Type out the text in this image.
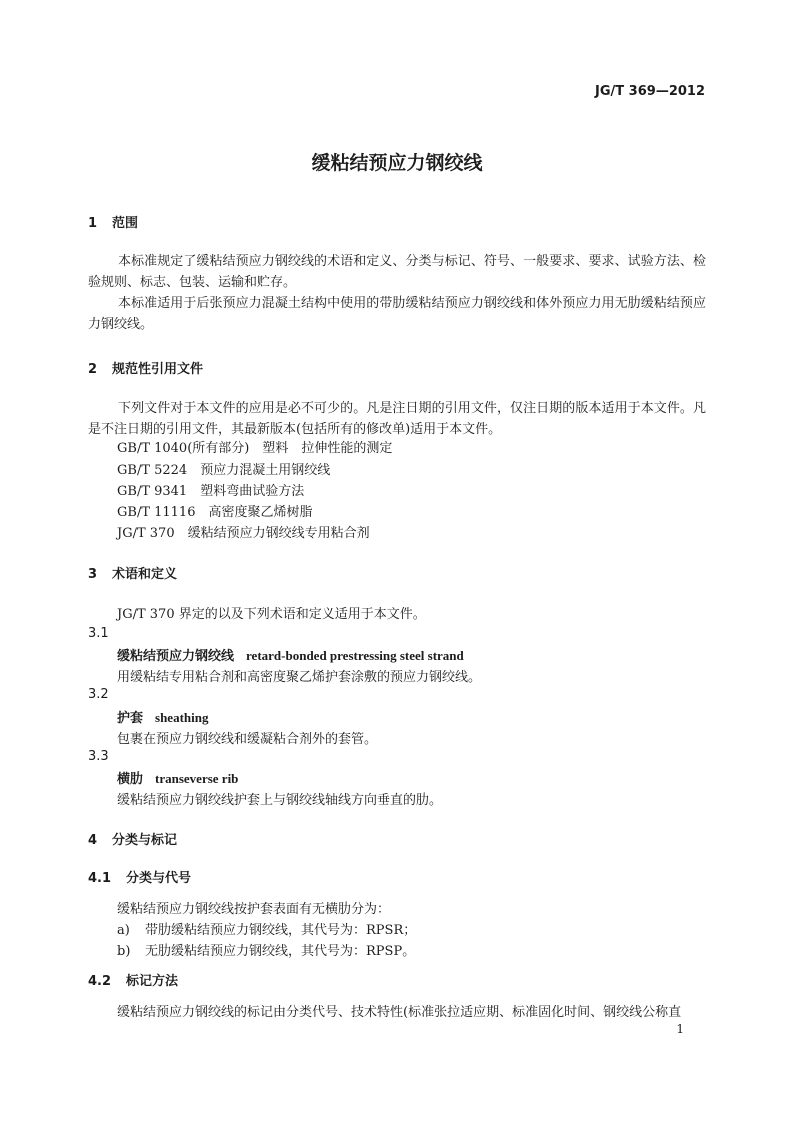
JG/T 369—2012
缓粘结预应力钢绞线
1 范围

本标准规定了缓粘结预应力钢绞线的术语和定义、分类与标记、符号、一般要求、要求、试验方法、检验规则、标志、包装、运输和贮存。

本标准适用于后张预应力混凝土结构中使用的带肋缓粘结预应力钢绞线和体外预应力用无肋缓粘结预应力钢绞线。

2 规范性引用文件

下列文件对于本文件的应用是必不可少的。凡是注日期的引用文件，仅注日期的版本适用于本文件。凡是不注日期的引用文件，其最新版本(包括所有的修改单)适用于本文件。

GB/T 1040(所有部分)　塑料　拉伸性能的测定
GB/T 5224　预应力混凝土用钢绞线
GB/T 9341　塑料弯曲试验方法
GB/T 11116　高密度聚乙烯树脂
JG/T 370　缓粘结预应力钢绞线专用粘合剂
3 术语和定义
JG/T 370 界定的以及下列术语和定义适用于本文件。
3.1
缓粘结预应力钢绞线 retard-bonded prestressing steel strand
用缓粘结专用粘合剂和高密度聚乙烯护套涂敷的预应力钢绞线。
3.2
护套 sheathing
包裹在预应力钢绞线和缓凝粘合剂外的套管。
3.3
横肋 transeverse rib
缓粘结预应力钢绞线护套上与钢绞线轴线方向垂直的肋。
4 分类与标记
4.1 分类与代号
缓粘结预应力钢绞线按护套表面有无横肋分为：
a) 带肋缓粘结预应力钢绞线，其代号为：RPSR；
b) 无肋缓粘结预应力钢绞线，其代号为：RPSP。
4.2 标记方法
缓粘结预应力钢绞线的标记由分类代号、技术特性(标准张拉适应期、标准固化时间、钢绞线公称直
1
